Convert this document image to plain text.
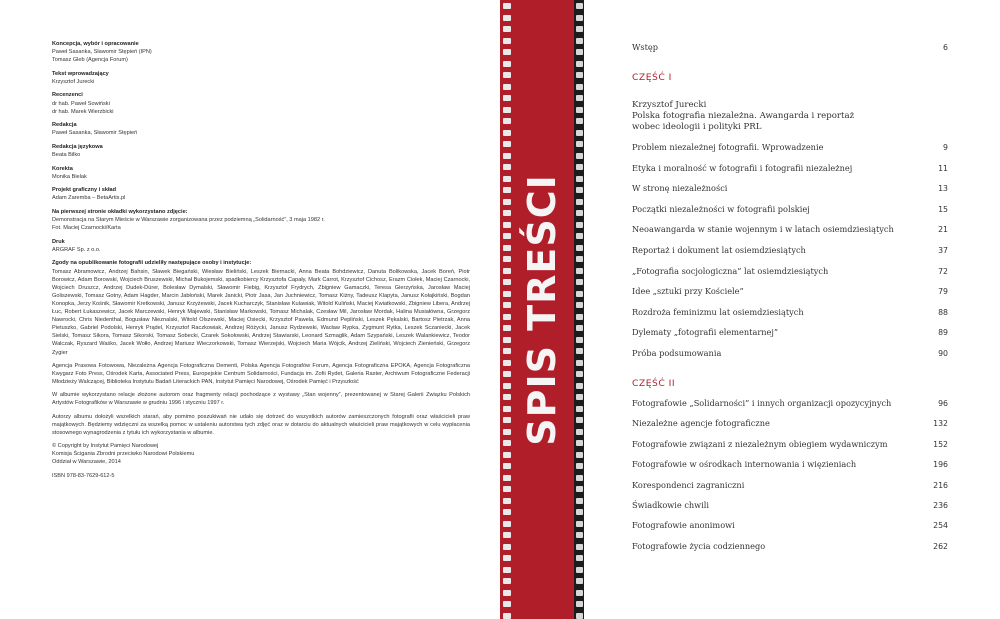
Koncepcja, wybór i opracowanie
Paweł Sasanka, Sławomir Stępień (IPN)
Tomasz Gleb (Agencja Forum)
Tekst wprowadzający
Krzysztof Jurecki
Recenzenci
dr hab. Paweł Sowiński
dr hab. Marek Wierzbicki
Redakcja
Paweł Sasanka, Sławomir Stępień
Redakcja językowa
Beata Bilko
Korekta
Monika Bielak
Projekt graficzny i skład
Adam Zaremba – BetaArtis.pl
Na pierwszej stronie okładki wykorzystano zdjęcie:
Demonstracja na Starym Mieście w Warszawie zorganizowana przez podziemną „Solidarność”, 3 maja 1982 r.
Fot. Maciej Czarnocki/Karta
Druk
ARGRAF Sp. z o.o.
Zgody na opublikowanie fotografii udzieliły następujące osoby i instytucje:
Tomasz Abramowicz, Andrzej Bahsin, Sławek Biegański, Wiesław Bieliński, Leszek Biernacki, Anna Beata Bohdziewicz, Danuta Bolikowska, Jacek Boreń, Piotr Borowicz, Adam Borowski, Wojciech Bruszewski, Michał Bukojemski, spadkobiercy Krzysztofa Capały, Mark Carrot, Krzysztof Cichosz, Erazm Ciołek, Maciej Czarnocki, Wojciech Druszcz, Andrzej Dudek-Dürer, Bolesław Dymalski, Sławomir Fiebig, Krzysztof Frydrych, Zbigniew Gamaczki, Teresa Gierzyńska, Jarosław Maciej Goliszewski, Tomasz Gotny, Adam Hagder, Marcin Jabłoński, Marek Janicki, Piotr Jasa, Jan Juchniewicz, Tomasz Kiżny, Tadeusz Klapyta, Janusz Kołajkiński, Bogdan Konopka, Jerzy Kośnik, Sławomir Kretkowski, Janusz Krzyżewski, Jacek Kucharczyk, Stanisław Kulawiak, Witold Kuliński, Maciej Kwiatkowski, Zbigniew Libera, Andrzej Łuc, Robert Łukaszewicz, Jacek Marczewski, Henryk Majewski, Stanisław Markowski, Tomasz Michalak, Czesław Mil, Jarosław Mordak, Halina Musiałówna, Grzegorz Nawrocki, Chris Niedenthal, Bogusław Nieznalski, Witold Olszewski, Maciej Osiecki, Krzysztof Pawela, Edmund Pepliński, Leszek Pękalski, Bartosz Pietrzak, Anna Pietuszko, Gabriel Podolski, Henryk Prądel, Krzysztof Raczkowiak, Andrzej Różycki, Janusz Rydzewski, Wacław Rypka, Zygmunt Rytka, Leszek Sczaniecki, Jacek Sielski, Tomasz Sikora, Tomasz Sikorski, Tomasz Sobecki, Czarek Sokołowski, Andrzej Stawiarski, Leonard Szmaglik, Adam Szypański, Leszek Walankiewicz, Teodor Walczak, Ryszard Waśko, Jacek Wołło, Andrzej Mariusz Wieczorkowski, Tomasz Wierzejski, Wojciech Maria Wójcik, Andrzej Zieliński, Wojciech Zienieński, Grzegorz Zygier
Agencja Prasowa Fotowowa, Niezależna Agencja Fotograficzna Dementi, Polska Agencja Fotografów Forum, Agencja Fotograficzna EPOKA, Agencja Fotograficzna Kwygarz Foto Press, Ośrodek Karta, Associated Press, Europejskie Centrum Solidarności, Fundacja im. Zofii Rydet, Galeria Raster, Archiwum Fotograficzne Federacji Młodzieży Walczącej, Biblioteka Instytutu Badań Literackich PAN, Instytut Pamięci Narodowej, Ośrodek Pamięć i Przyszłość
W albumie wykorzystano relacje złożone autorom oraz fragmenty relacji pochodzące z wystawy „Stan wojenny”, prezentowanej w Starej Galerii Związku Polskich Artystów Fotografików w Warszawie w grudniu 1996 i styczniu 1997 r.
Autorzy albumu dołożyli wszelkich starań, aby pomimo poszukiwań nie udało się dotrzeć do wszystkich autorów zamieszczonych fotografii oraz właścicieli praw majątkowych. Będziemy wdzięczni za wszelką pomoc w ustaleniu autorstwa tych zdjęć oraz w dotarciu do aktualnych właścicieli praw majątkowych w celu wypłacenia stosownego wynagrodzenia z tytułu ich wykorzystania w albumie.
© Copyright by Instytut Pamięci Narodowej
Komisja Ścigania Zbrodni przeciwko Narodowi Polskiemu
Oddział w Warszawie, 2014
ISBN 978-83-7629-612-5
SPIS TREŚCI
Wstęp	6
CZĘŚĆ I
Krzysztof Jurecki
Polska fotografia niezależna. Awangarda i reportaż
wobec ideologii i polityki PRL
Problem niezależnej fotografii. Wprowadzenie	9
Etyka i moralność w fotografii i fotografii niezależnej	11
W stronę niezależności	13
Początki niezależności w fotografii polskiej	15
Neoawangarda w stanie wojennym i w latach osiemdziesiątych	21
Reportaż i dokument lat osiemdziesiątych	37
„Fotografia socjologiczna” lat osiemdziesiątych	72
Idee „sztuki przy Kościele”	79
Rozdroża feminizmu lat osiemdziesiątych	88
Dylematy „fotografii elementarnej”	89
Próba podsumowania	90
CZĘŚĆ II
Fotografowie „Solidarności” i innych organizacji opozycyjnych	96
Niezależne agencje fotograficzne	132
Fotografowie związani z niezależnym obiegiem wydawniczym	152
Fotografowie w ośrodkach internowania i więzieniach	196
Korespondenci zagraniczni	216
Świadkowie chwili	236
Fotografowie anonimowi	254
Fotografowie życia codziennego	262
